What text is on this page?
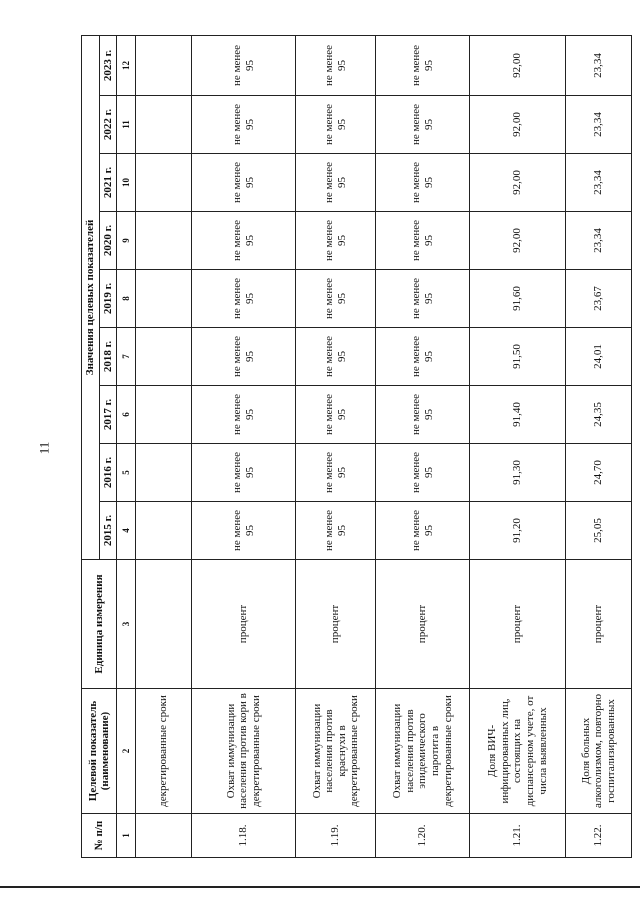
11
№ п/п	Целевой показатель (наименование)	Единица измерения	Значения целевых показателей								
			2015 г.	2016 г.	2017 г.	2018 г.	2019 г.	2020 г.	2021 г.	2022 г.	2023 г.
1	2	3	4	5	6	7	8	9	10	11	12
	декретированные сроки										
1.18.	Охват иммунизации населения против кори в декретированные сроки	процент	не менее 95	не менее 95	не менее 95	не менее 95	не менее 95	не менее 95	не менее 95	не менее 95	не менее 95
1.19.	Охват иммунизации населения против краснухи в декретированные сроки	процент	не менее 95	не менее 95	не менее 95	не менее 95	не менее 95	не менее 95	не менее 95	не менее 95	не менее 95
1.20.	Охват иммунизации населения против эпидемического паротита в декретированные сроки	процент	не менее 95	не менее 95	не менее 95	не менее 95	не менее 95	не менее 95	не менее 95	не менее 95	не менее 95
1.21.	Доля ВИЧ-инфицированных лиц, состоящих на диспансерном учете, от числа выявленных	процент	91,20	91,30	91,40	91,50	91,60	92,00	92,00	92,00	92,00
1.22.	Доля больных алкоголизмом, повторно госпитализированных	процент	25,05	24,70	24,35	24,01	23,67	23,34	23,34	23,34	23,34
